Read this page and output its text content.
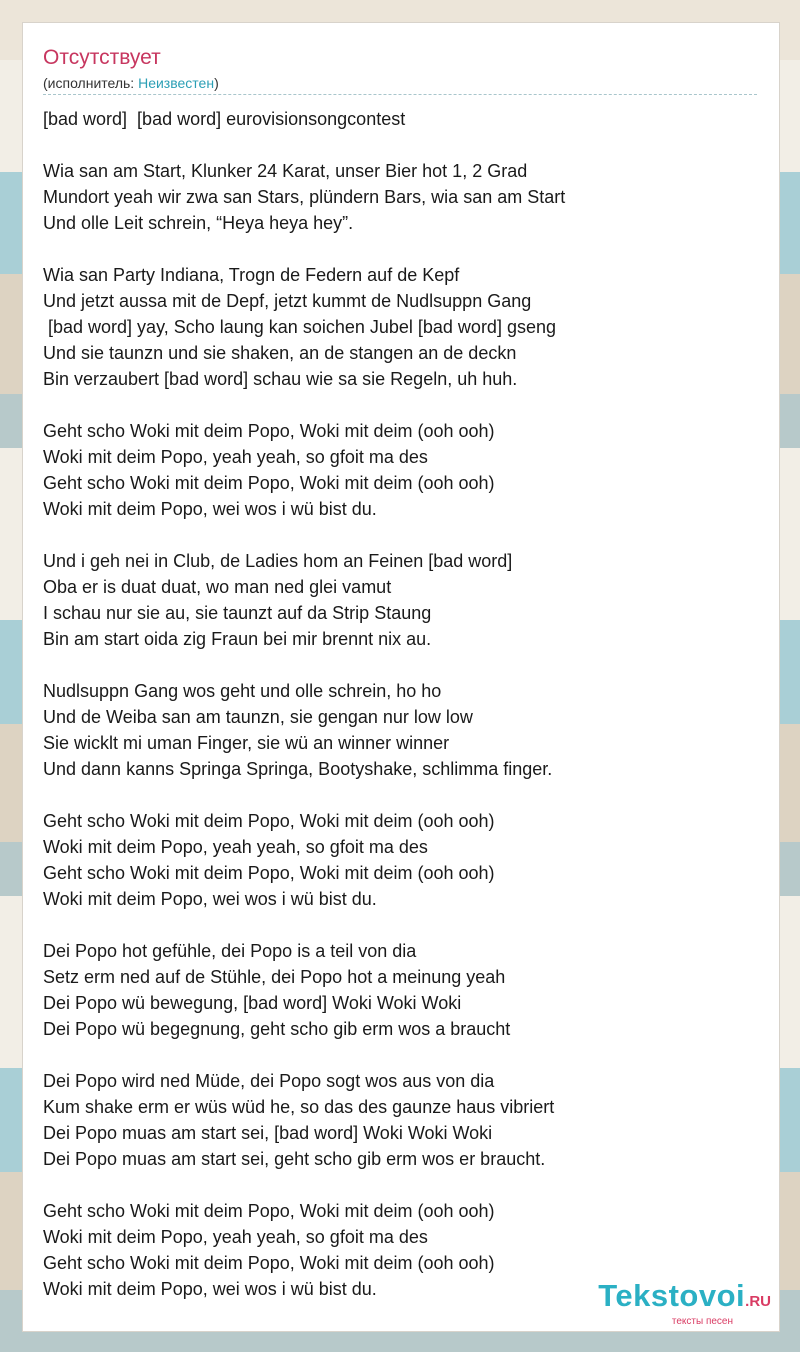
Отсутствует
(исполнитель: Неизвестен)
[bad word]  [bad word] eurovisionsongcontest
Wia san am Start, Klunker 24 Karat, unser Bier hot 1, 2 Grad
Mundort yeah wir zwa san Stars, plündern Bars, wia san am Start
Und olle Leit schrein, “Heya heya hey”.
Wia san Party Indiana, Trogn de Federn auf de Kepf
Und jetzt aussa mit de Depf, jetzt kummt de Nudlsuppn Gang
[bad word] yay, Scho laung kan soichen Jubel [bad word] gseng
Und sie taunzn und sie shaken, an de stangen an de deckn
Bin verzaubert [bad word] schau wie sa sie Regeln, uh huh.
Geht scho Woki mit deim Popo, Woki mit deim (ooh ooh)
Woki mit deim Popo, yeah yeah, so gfoit ma des
Geht scho Woki mit deim Popo, Woki mit deim (ooh ooh)
Woki mit deim Popo, wei wos i wü bist du.
Und i geh nei in Club, de Ladies hom an Feinen [bad word]
Oba er is duat duat, wo man ned glei vamut
I schau nur sie au, sie taunzt auf da Strip Staung
Bin am start oida zig Fraun bei mir brennt nix au.
Nudlsuppn Gang wos geht und olle schrein, ho ho
Und de Weiba san am taunzn, sie gengan nur low low
Sie wicklt mi uman Finger, sie wü an winner winner
Und dann kanns Springa Springa, Bootyshake, schlimma finger.
Geht scho Woki mit deim Popo, Woki mit deim (ooh ooh)
Woki mit deim Popo, yeah yeah, so gfoit ma des
Geht scho Woki mit deim Popo, Woki mit deim (ooh ooh)
Woki mit deim Popo, wei wos i wü bist du.
Dei Popo hot gefühle, dei Popo is a teil von dia
Setz erm ned auf de Stühle, dei Popo hot a meinung yeah
Dei Popo wü bewegung, [bad word] Woki Woki Woki
Dei Popo wü begegnung, geht scho gib erm wos a braucht
Dei Popo wird ned Müde, dei Popo sogt wos aus von dia
Kum shake erm er wüs wüd he, so das des gaunze haus vibriert
Dei Popo muas am start sei, [bad word] Woki Woki Woki
Dei Popo muas am start sei, geht scho gib erm wos er braucht.
Geht scho Woki mit deim Popo, Woki mit deim (ooh ooh)
Woki mit deim Popo, yeah yeah, so gfoit ma des
Geht scho Woki mit deim Popo, Woki mit deim (ooh ooh)
Woki mit deim Popo, wei wos i wü bist du.	Tekstovoi.RU
тексты песен
